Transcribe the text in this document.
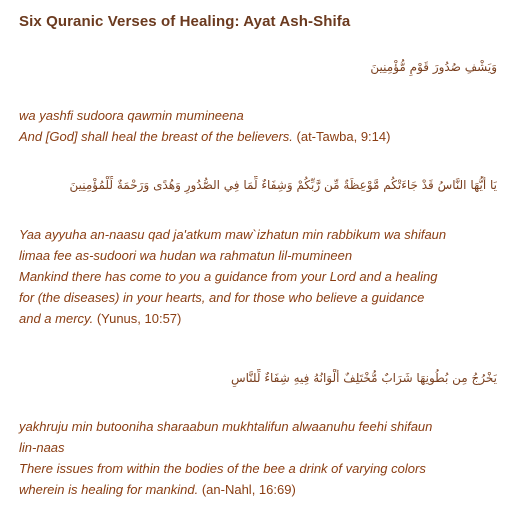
Six Quranic Verses of Healing: Ayat Ash-Shifa
وَيَشْفِ صُدُورَ قَوْمٍ مُّؤْمِنِينَ
wa yashfi sudoora qawmin mumineena
And [God] shall heal the breast of the believers. (at-Tawba, 9:14)
يَا أَيُّهَا النَّاسُ قَدْ جَاءَتْكُم مَّوْعِظَةٌ مِّن رَّبِّكُمْ وَشِفَاءٌ لِّمَا فِي الصُّدُورِ وَهُدًى وَرَحْمَةٌ لِّلْمُؤْمِنِينَ
Yaa ayyuha an-naasu qad ja'atkum maw`izhatun min rabbikum wa shifaun
limaa fee as-sudoori wa hudan wa rahmatun lil-mumineen
Mankind there has come to you a guidance from your Lord and a healing
for (the diseases) in your hearts, and for those who believe a guidance
and a mercy. (Yunus, 10:57)
يَخْرُجُ مِن بُطُونِهَا شَرَابٌ مُّخْتَلِفٌ أَلْوَانُهُ فِيهِ شِفَاءٌ لِّلنَّاسِ
yakhruju min butooniha sharaabun mukhtalifun alwaanuhu feehi shifaun
lin-naas
There issues from within the bodies of the bee a drink of varying colors
wherein is healing for mankind. (an-Nahl, 16:69)
